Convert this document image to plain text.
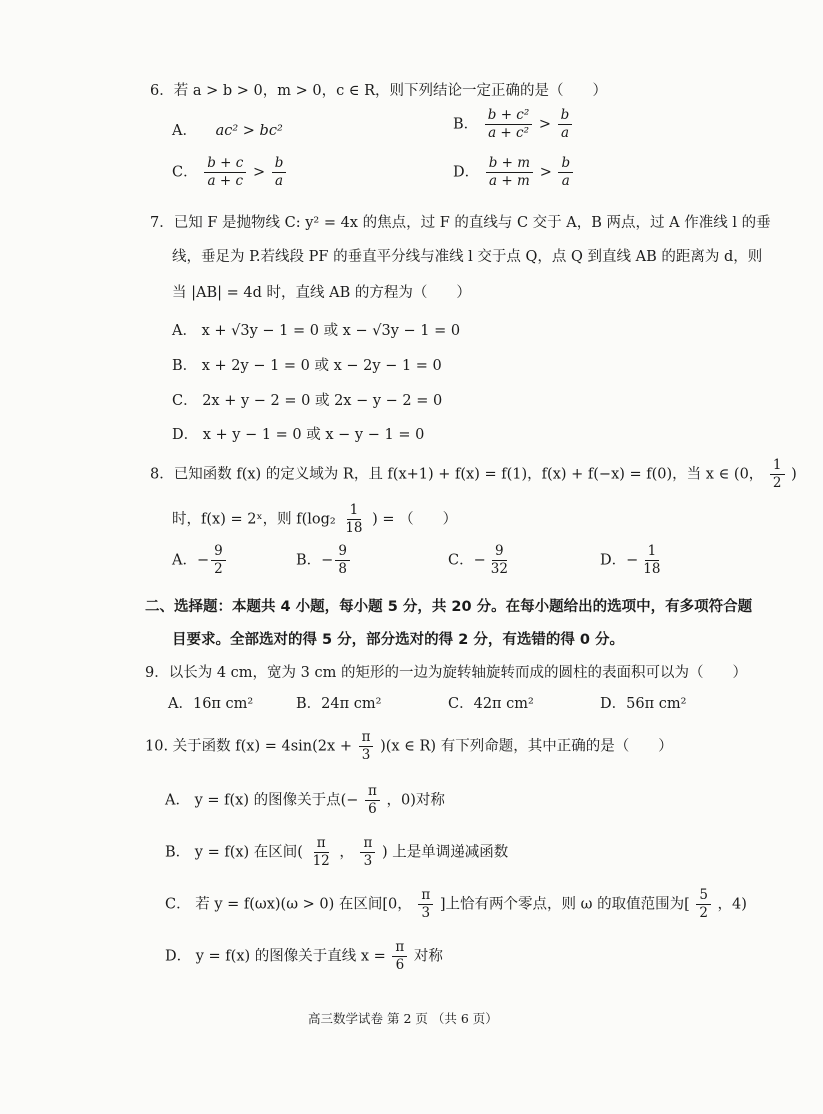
6．若 a > b > 0，m > 0，c ∈ R，则下列结论一定正确的是（　　）
A． ac² > bc²	B． $\frac{\text{b + c²}}{\text{a + c²}} > \frac{b}{a}$
C． $\frac{b + c}{a + c} > \frac{b}{a}$	D． $\frac{b + m}{a + m} > \frac{b}{a}$
7．已知 F 是抛物线 C: y² = 4x 的焦点，过 F 的直线与 C 交于 A，B 两点，过 A 作准线 l 的垂
线，垂足为 P.若线段 PF 的垂直平分线与准线 l 交于点 Q，点 Q 到直线 AB 的距离为 d，则
当 |AB| = 4d 时，直线 AB 的方程为（　　）
A． x + √3y − 1 = 0 或 x − √3y − 1 = 0
B． x + 2y − 1 = 0 或 x − 2y − 1 = 0
C． 2x + y − 2 = 0 或 2x − y − 2 = 0
D． x + y − 1 = 0 或 x − y − 1 = 0
8．已知函数 f(x) 的定义域为 R，且 f(x+1) + f(x) = f(1)，f(x) + f(−x) = f(0)，当 x ∈ (0， $\frac{1}{2}$ )
时，f(x) = 2ˣ，则 $f(\log_2 \frac{1}{18}$ ) = （　　）
A．− $\frac{9}{2}$	B．− $\frac{9}{8}$	C．− $\frac{9}{32}$	D．− $\frac{1}{18}$
二、选择题：本题共 4 小题，每小题 5 分，共 20 分。在每小题给出的选项中，有多项符合题
目要求。全部选对的得 5 分，部分选对的得 2 分，有选错的得 0 分。
9．以长为 4 cm，宽为 3 cm 的矩形的一边为旋转轴旋转而成的圆柱的表面积可以为（　　）
A．16π cm²	B．24π cm²	C．42π cm²	D．56π cm²
10. 关于函数 $f(x) = 4\sin(2x + \frac{\pi}{3} )(x$ ∈ R) 有下列命题，其中正确的是（　　）
A． y = f(x) 的图像关于点(− $\frac{\pi}{6}$ ，0)对称
B． y = f(x) 在区间( $\frac{\pi}{12}$ ， $\frac{\pi}{3}$ ) 上是单调递减函数
C． 若 y = f(ωx)(ω > 0) 在区间[0， $\frac{\pi}{3}$ ]上恰有两个零点，则 ω 的取值范围为[ $\frac{5}{2}$ ，4)
D． y = f(x) 的图像关于直线 $x = \frac{\pi}{6}$ 对称
高三数学试卷 第 2 页 （共 6 页）
